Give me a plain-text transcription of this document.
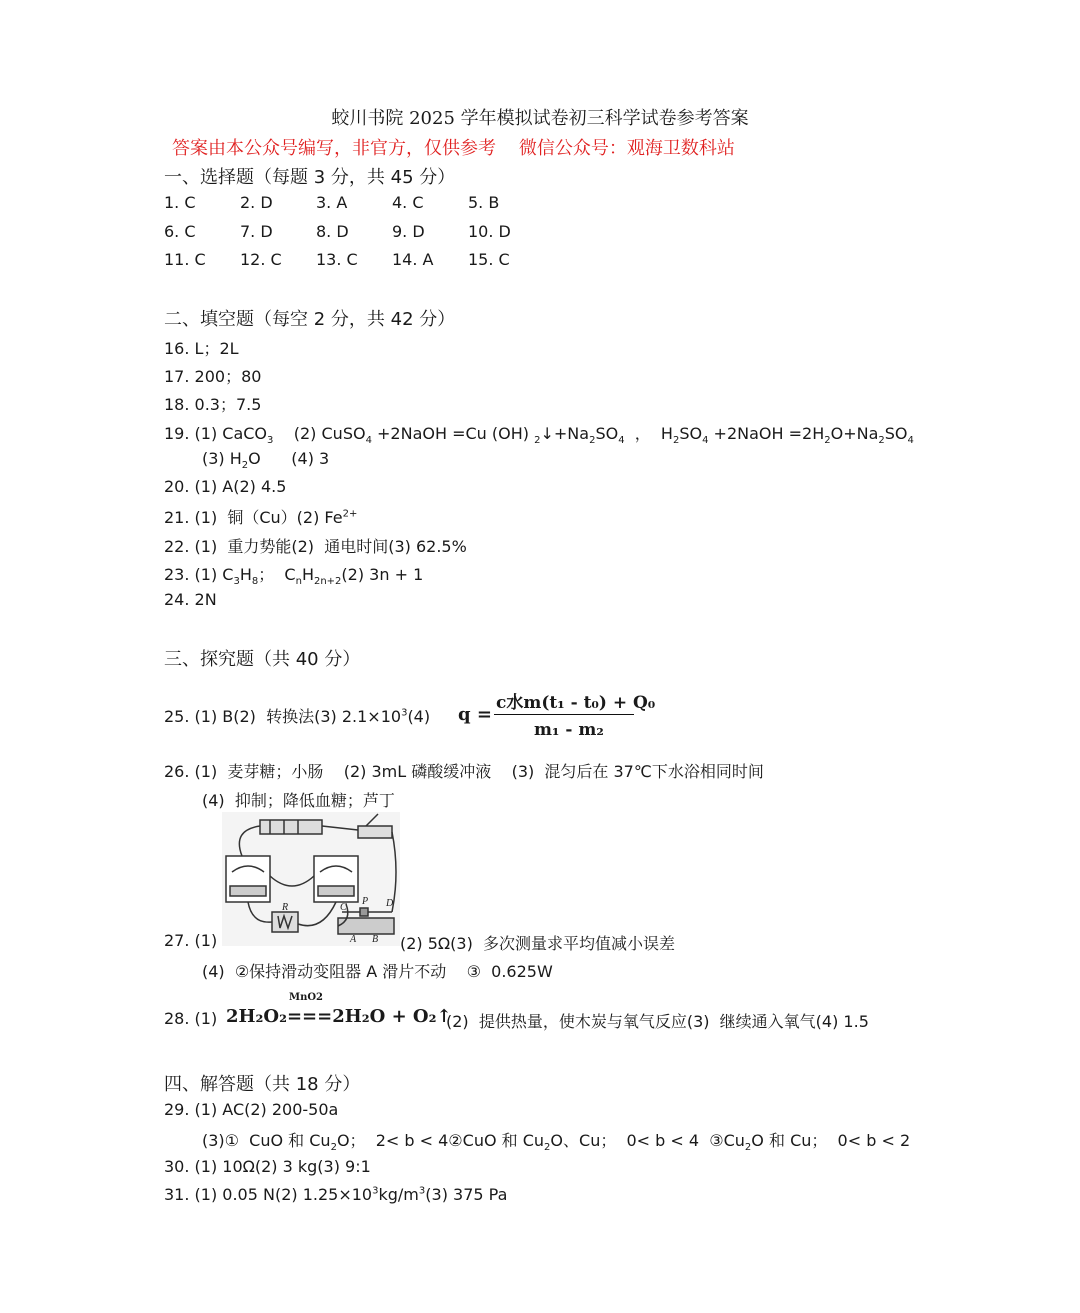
蛟川书院 2025 学年模拟试卷初三科学试卷参考答案
答案由本公众号编写，非官方，仅供参考    微信公众号：观海卫数科站
一、选择题（每题 3 分，共 45 分）
1. C	2. D	3. A	4. C	5. B
6. C	7. D	8. D	9. D	10. D
11. C 12. C 13. C 14. A 15. C
二、填空题（每空 2 分，共 42 分）
16. L；2L
17. 200；80
18. 0.3；7.5
19. (1) CaCO$_3$ (2) CuSO$_4$ +2NaOH =Cu (OH) $_2↓+Na_2SO_4$  ，  $H_2SO_4$ +2NaOH $=2H_2O+Na_2SO_4$
(3) $H_2O$      (4) 3
20. (1) A(2) 4.5
21. (1)  铜（Cu）(2) $Fe^{2+}$
22. (1)  重力势能(2)  通电时间(3) 62.5%
23. (1) $C_3H_8$；  $C_nH_{2n+2}(2) 3n + 1$
24. 2N
三、探究题（共 40 分）
25. (1) B(2)  转换法(3) $2.1\times 10^3(4) q$ =
c水m(t₁ - t₀) + Q₀
m₁ - m₂
26. (1)  麦芽糖；小肠    (2) 3mL 磷酸缓冲液    (3)  混匀后在 37℃下水浴相同时间
(4)  抑制；降低血糖；芦丁
R	C
P D
A B
27. (1)	(2) 5Ω(3)  多次测量求平均值减小误差
(4)  ②保持滑动变阻器 A 滑片不动    ③  0.625W
28. (1)
MnO2
2H₂O₂===2H₂O + O₂↑
(2)  提供热量，使木炭与氧气反应(3)  继续通入氧气(4) 1.5
四、解答题（共 18 分）
29. (1) AC(2) 200-50a
(3)①  CuO 和 $Cu_2O$；  2< b < 4②CuO 和 $Cu_2O$、Cu；  0< b < 4  $③Cu_2O$ 和 Cu；  0< b < 2
30. (1) 10Ω(2) 3 kg(3) 9:1
31. (1) 0.05 N(2) $1.25\times 10^3kg/m^3(3)$ 375 Pa
